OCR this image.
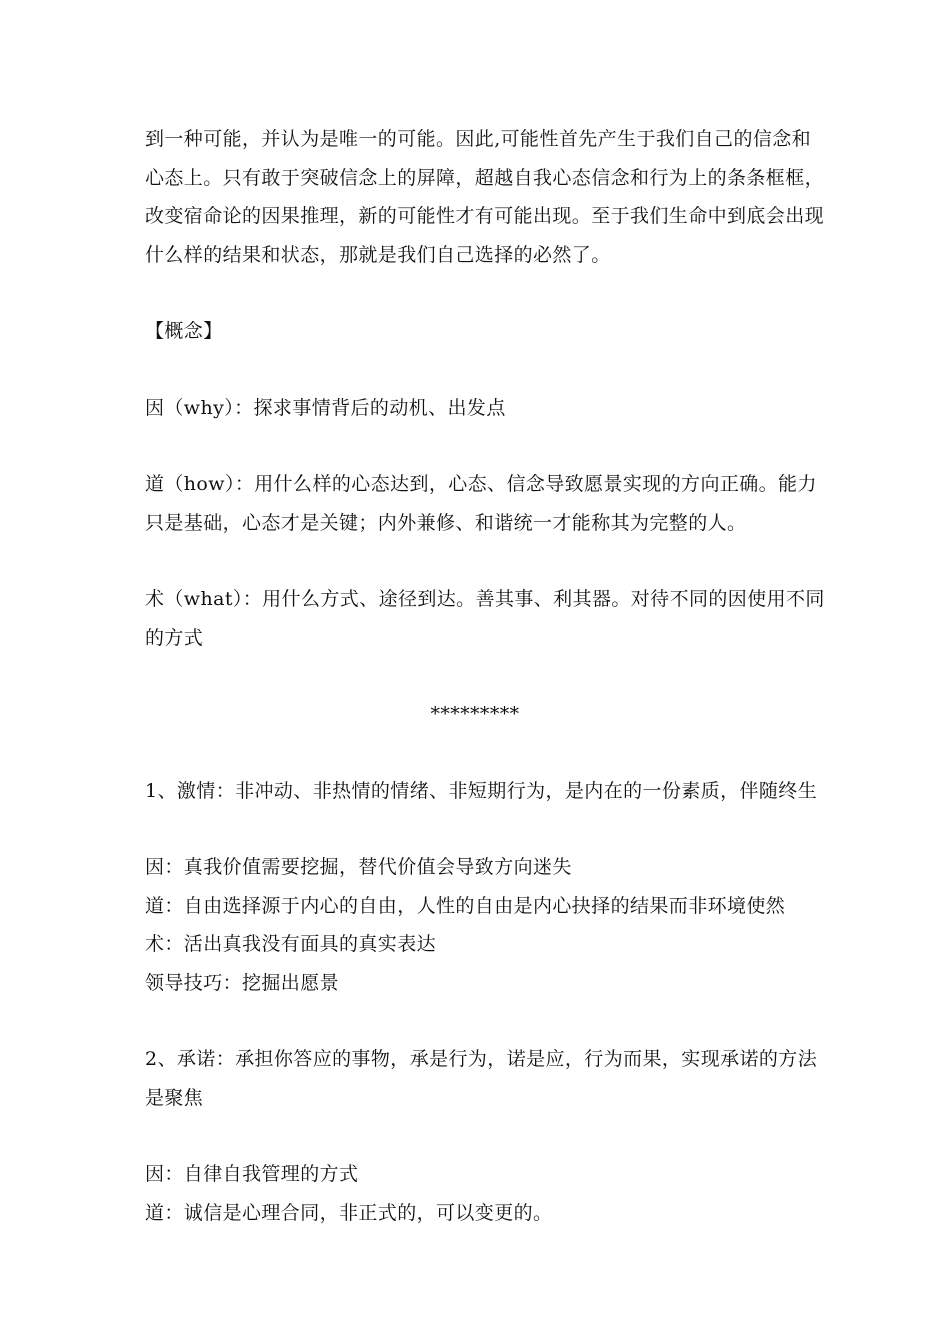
到一种可能，并认为是唯一的可能。因此,可能性首先产生于我们自己的信念和
心态上。只有敢于突破信念上的屏障，超越自我心态信念和行为上的条条框框，
改变宿命论的因果推理，新的可能性才有可能出现。至于我们生命中到底会出现
什么样的结果和状态，那就是我们自己选择的必然了。
【概念】
因（why）：探求事情背后的动机、出发点
道（how）：用什么样的心态达到，心态、信念导致愿景实现的方向正确。能力
只是基础，心态才是关键；内外兼修、和谐统一才能称其为完整的人。
术（what）：用什么方式、途径到达。善其事、利其器。对待不同的因使用不同
的方式
*********
1、激情：非冲动、非热情的情绪、非短期行为，是内在的一份素质，伴随终生
因：真我价值需要挖掘，替代价值会导致方向迷失
道：自由选择源于内心的自由，人性的自由是内心抉择的结果而非环境使然
术：活出真我没有面具的真实表达
领导技巧：挖掘出愿景
2、承诺：承担你答应的事物，承是行为，诺是应，行为而果，实现承诺的方法
是聚焦
因：自律自我管理的方式
道：诚信是心理合同，非正式的，可以变更的。
